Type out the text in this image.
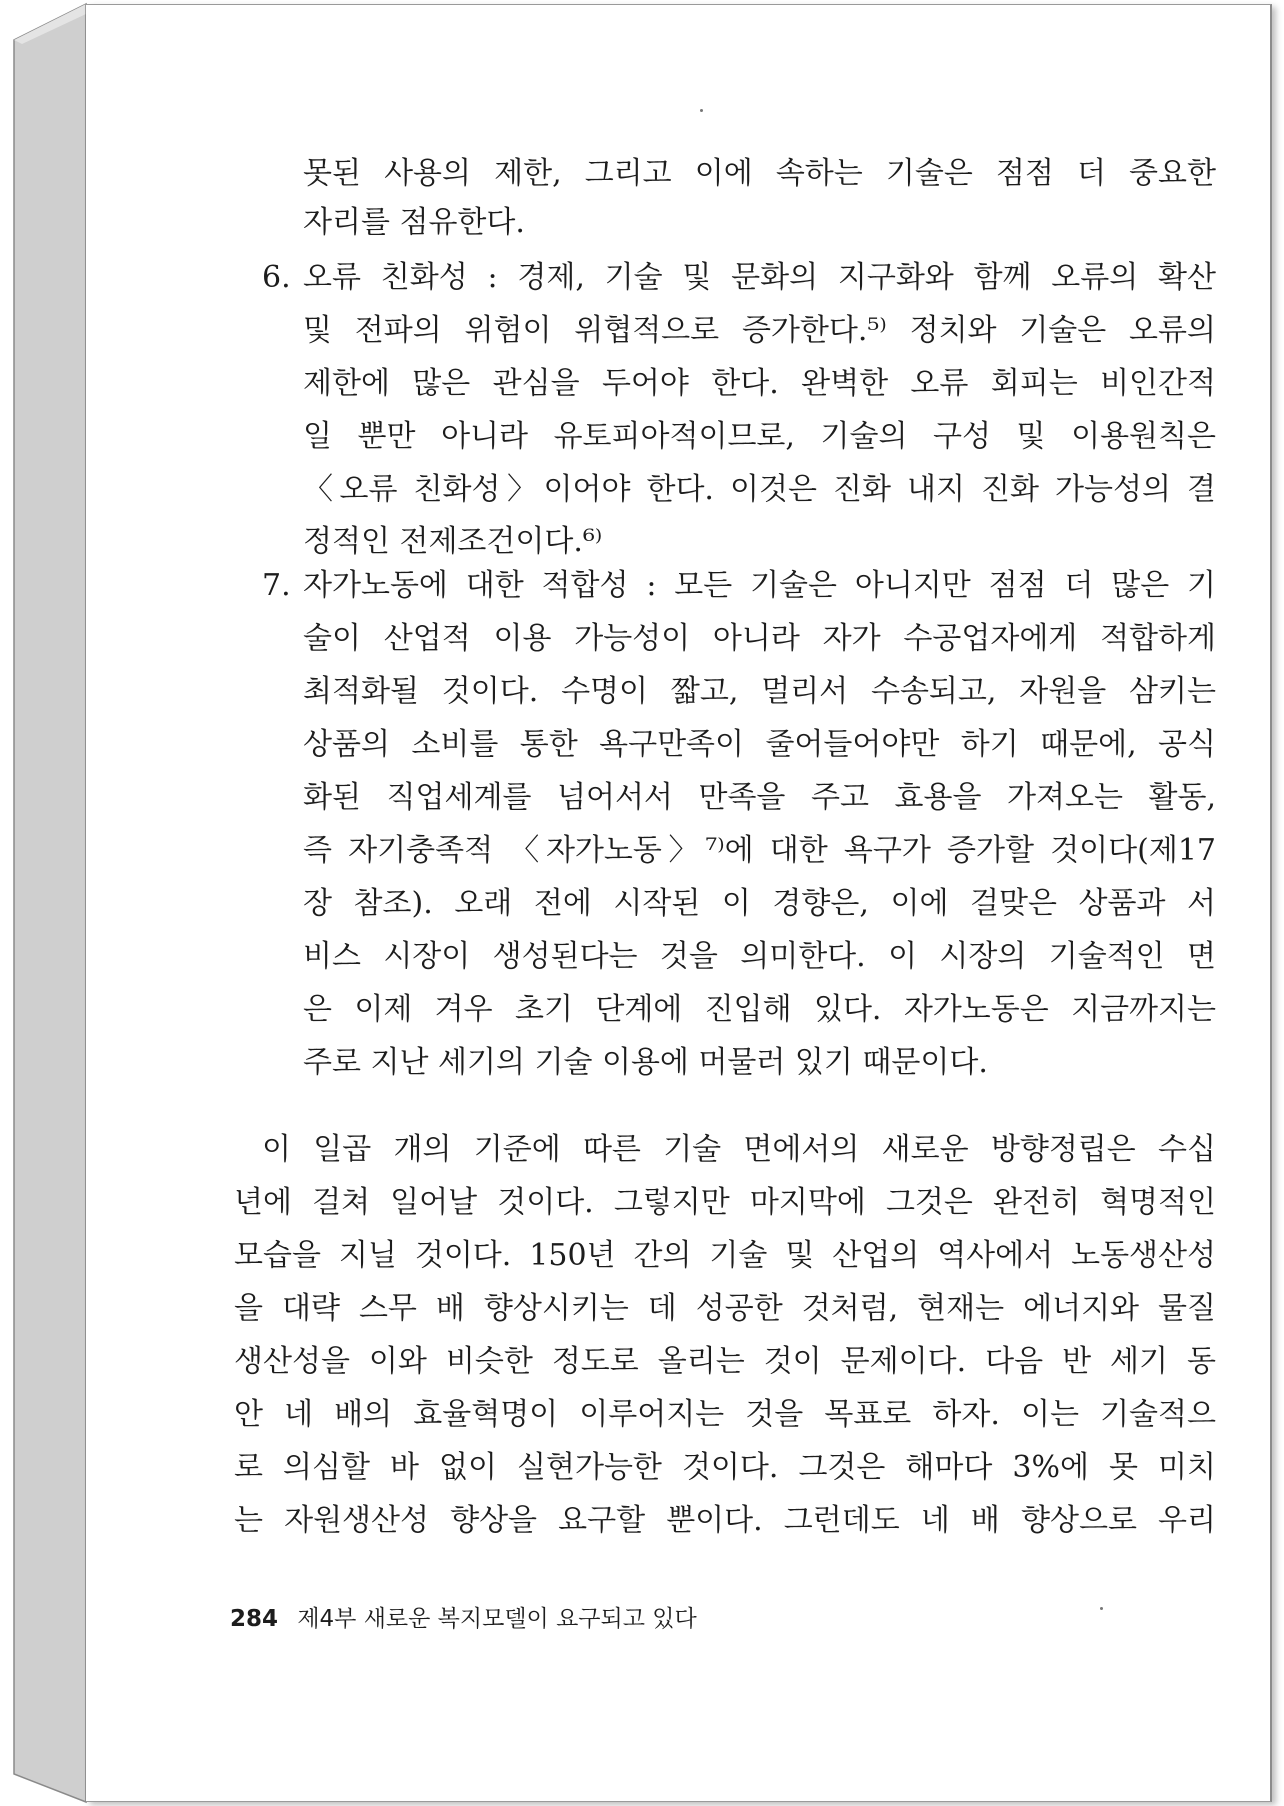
못된 사용의 제한, 그리고 이에 속하는 기술은 점점 더 중요한
자리를 점유한다.
6. 오류 친화성 : 경제, 기술 및 문화의 지구화와 함께 오류의 확산
및 전파의 위험이 위협적으로 증가한다.⁵⁾ 정치와 기술은 오류의
제한에 많은 관심을 두어야 한다. 완벽한 오류 회피는 비인간적
일 뿐만 아니라 유토피아적이므로, 기술의 구성 및 이용원칙은
〈오류 친화성〉이어야 한다. 이것은 진화 내지 진화 가능성의 결
정적인 전제조건이다.⁶⁾
7. 자가노동에 대한 적합성 : 모든 기술은 아니지만 점점 더 많은 기
술이 산업적 이용 가능성이 아니라 자가 수공업자에게 적합하게
최적화될 것이다. 수명이 짧고, 멀리서 수송되고, 자원을 삼키는
상품의 소비를 통한 욕구만족이 줄어들어야만 하기 때문에, 공식
화된 직업세계를 넘어서서 만족을 주고 효용을 가져오는 활동,
즉 자기충족적 〈자가노동〉⁷⁾에 대한 욕구가 증가할 것이다(제17
장 참조). 오래 전에 시작된 이 경향은, 이에 걸맞은 상품과 서
비스 시장이 생성된다는 것을 의미한다. 이 시장의 기술적인 면
은 이제 겨우 초기 단계에 진입해 있다. 자가노동은 지금까지는
주로 지난 세기의 기술 이용에 머물러 있기 때문이다.
이 일곱 개의 기준에 따른 기술 면에서의 새로운 방향정립은 수십
년에 걸쳐 일어날 것이다. 그렇지만 마지막에 그것은 완전히 혁명적인
모습을 지닐 것이다. 150년 간의 기술 및 산업의 역사에서 노동생산성
을 대략 스무 배 향상시키는 데 성공한 것처럼, 현재는 에너지와 물질
생산성을 이와 비슷한 정도로 올리는 것이 문제이다. 다음 반 세기 동
안 네 배의 효율혁명이 이루어지는 것을 목표로 하자. 이는 기술적으
로 의심할 바 없이 실현가능한 것이다. 그것은 해마다 3%에 못 미치
는 자원생산성 향상을 요구할 뿐이다. 그런데도 네 배 향상으로 우리
284 제4부 새로운 복지모델이 요구되고 있다
